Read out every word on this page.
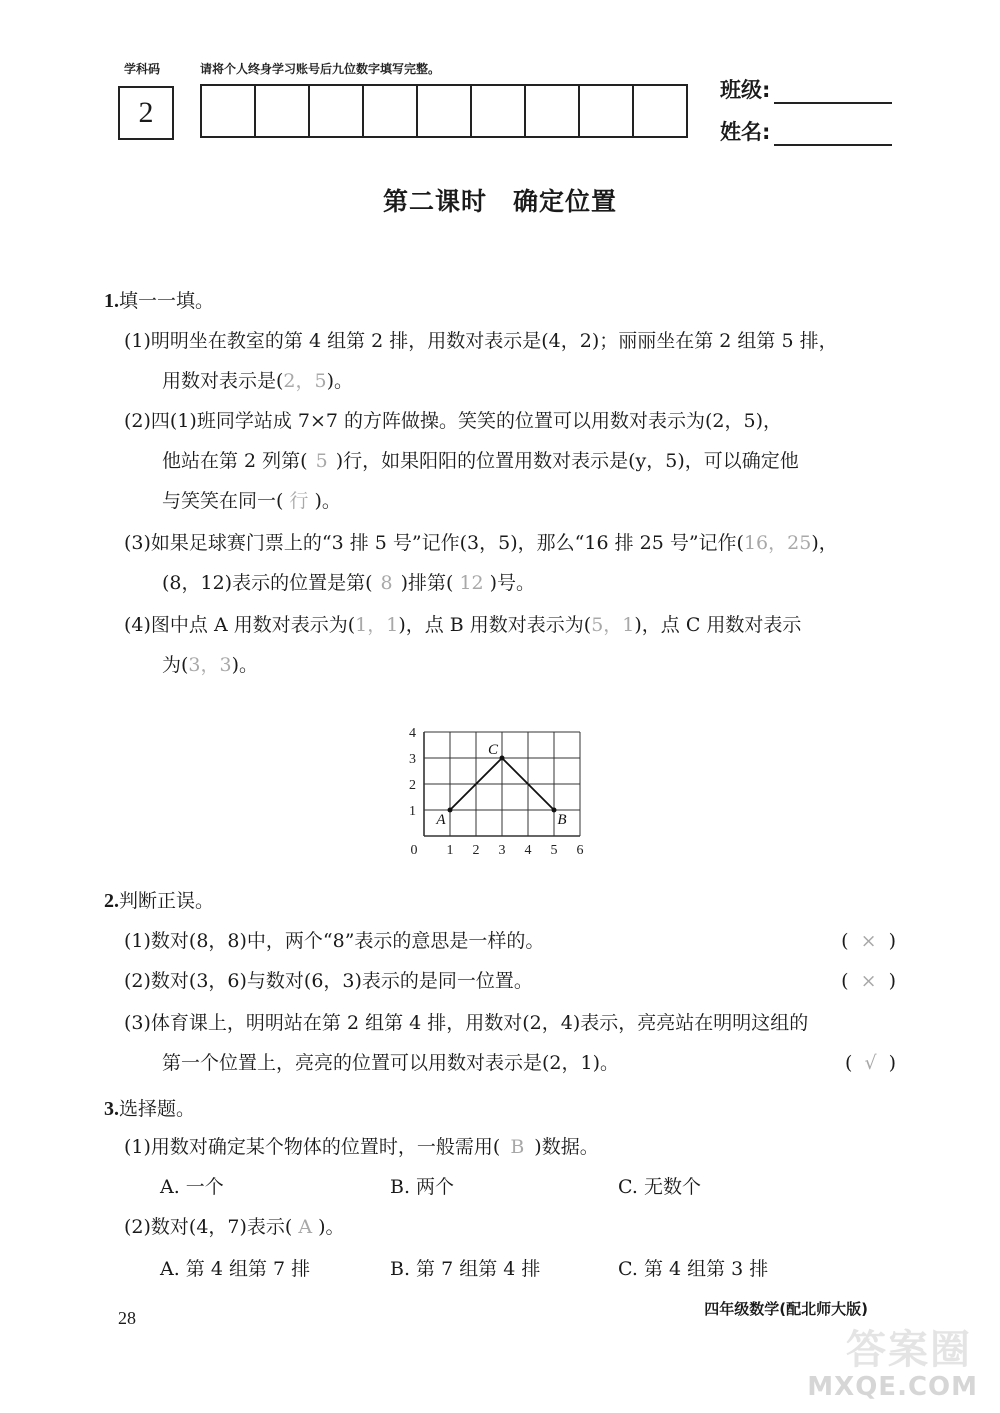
学科码	请将个人终身学习账号后九位数字填写完整。
2
班级:
姓名:
第二课时　确定位置
1.填一一填。
(1)明明坐在教室的第 4 组第 2 排，用数对表示是(4，2)；丽丽坐在第 2 组第 5 排，
用数对表示是(2，5)。
(2)四(1)班同学站成 7×7 的方阵做操。笑笑的位置可以用数对表示为(2，5)，
他站在第 2 列第( 5 )行，如果阳阳的位置用数对表示是(y，5)，可以确定他
与笑笑在同一( 行 )。
(3)如果足球赛门票上的“3 排 5 号”记作(3，5)，那么“16 排 25 号”记作(16，25)，
(8，12)表示的位置是第( 8 )排第( 12 )号。
(4)图中点 A 用数对表示为(1，1)，点 B 用数对表示为(5，1)，点 C 用数对表示
为(3，3)。
0 1 2 3 4 5 6
1
2
3
4
A
C
B
2.判断正误。
(1)数对(8，8)中，两个“8”表示的意思是一样的。	( × )
(2)数对(3，6)与数对(6，3)表示的是同一位置。	( × )
(3)体育课上，明明站在第 2 组第 4 排，用数对(2，4)表示，亮亮站在明明这组的
第一个位置上，亮亮的位置可以用数对表示是(2，1)。	( √ )
3.选择题。
(1)用数对确定某个物体的位置时，一般需用( B )数据。
A. 一个	B. 两个	C. 无数个
(2)数对(4，7)表示( A )。
A. 第 4 组第 7 排	B. 第 7 组第 4 排	C. 第 4 组第 3 排
28	四年级数学(配北师大版)
答案圈
MXQE.COM
